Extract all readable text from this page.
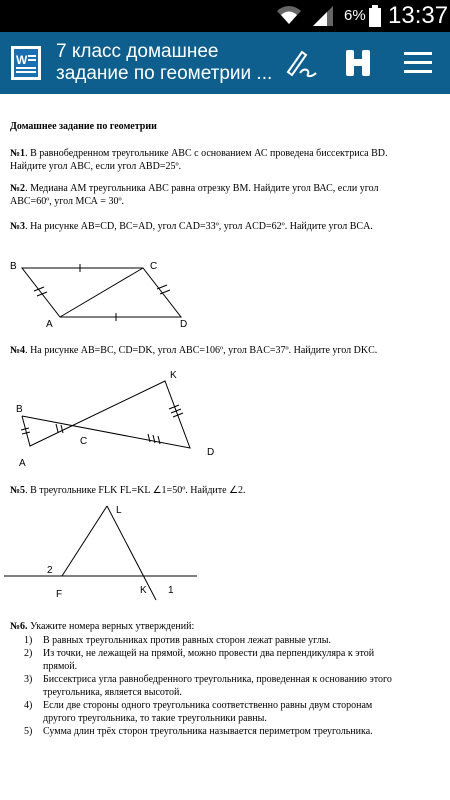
6% 13:37
W 7 класс домашнее
задание по геометрии ...
Домашнее задание по геометрии
№1. В равнобедренном треугольнике АВС с основанием АС проведена биссектриса BD.
Найдите угол АВС, если угол ABD=25º.
№2. Медиана АМ треугольника АВС равна отрезку ВМ. Найдите угол ВАС, если угол
АВС=60º, угол МСА = 30º.
№3. На рисунке AB=CD, BC=AD, угол CAD=33º, угол ACD=62º. Найдите угол BCA.
B	C
A	D
№4. На рисунке AB=BC, CD=DK, угол ABC=106º, угол BAC=37º. Найдите угол DKC.
K
B
C
A
D
№5. В треугольнике FLK FL=KL ∠1=50º. Найдите ∠2.
L
2
F	K 1
№6. Укажите номера верных утверждений:
1) В равных треугольниках против равных сторон лежат равные углы.
2) Из точки, не лежащей на прямой, можно провести два перпендикуляра к этой
прямой.
3) Биссектриса угла равнобедренного треугольника, проведенная к основанию этого
треугольника, является высотой.
4) Если две стороны одного треугольника соответственно равны двум сторонам
другого треугольника, то такие треугольники равны.
5) Сумма длин трёх сторон треугольника называется периметром треугольника.
